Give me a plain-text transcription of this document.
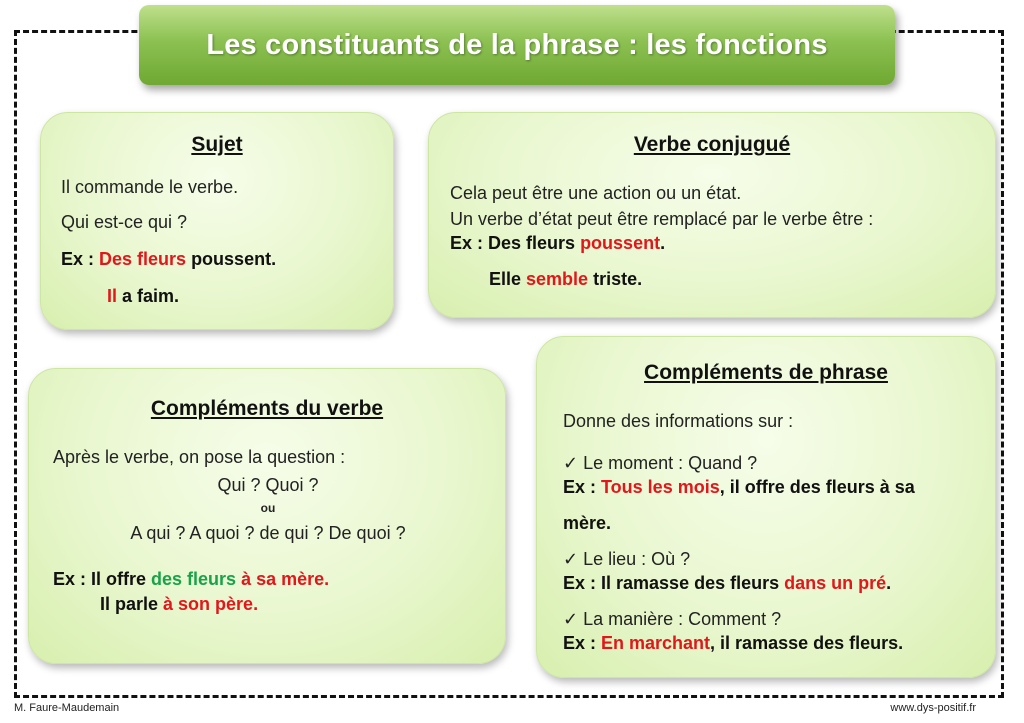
Les constituants de la phrase : les fonctions
Sujet
Il commande le verbe.
Qui est-ce qui ?
Ex : Des fleurs poussent.
Il a faim.
Verbe conjugué
Cela peut être une action ou un état.
Un verbe d’état peut être remplacé par le verbe être :
Ex : Des fleurs poussent.
Elle semble triste.
Compléments du verbe
Après le verbe, on pose la question :
Qui ? Quoi ?
ou
A qui ? A quoi ? de qui ? De quoi ?
Ex : Il offre des fleurs à sa mère.
Il parle à son père.
Compléments de phrase
Donne des informations sur :
✓ Le moment : Quand ?
Ex : Tous les mois, il offre des fleurs à sa
mère.
✓ Le lieu : Où ?
Ex : Il ramasse des fleurs dans un pré.
✓ La manière : Comment ?
Ex : En marchant, il ramasse des fleurs.
M. Faure-Maudemain	www.dys-positif.fr
